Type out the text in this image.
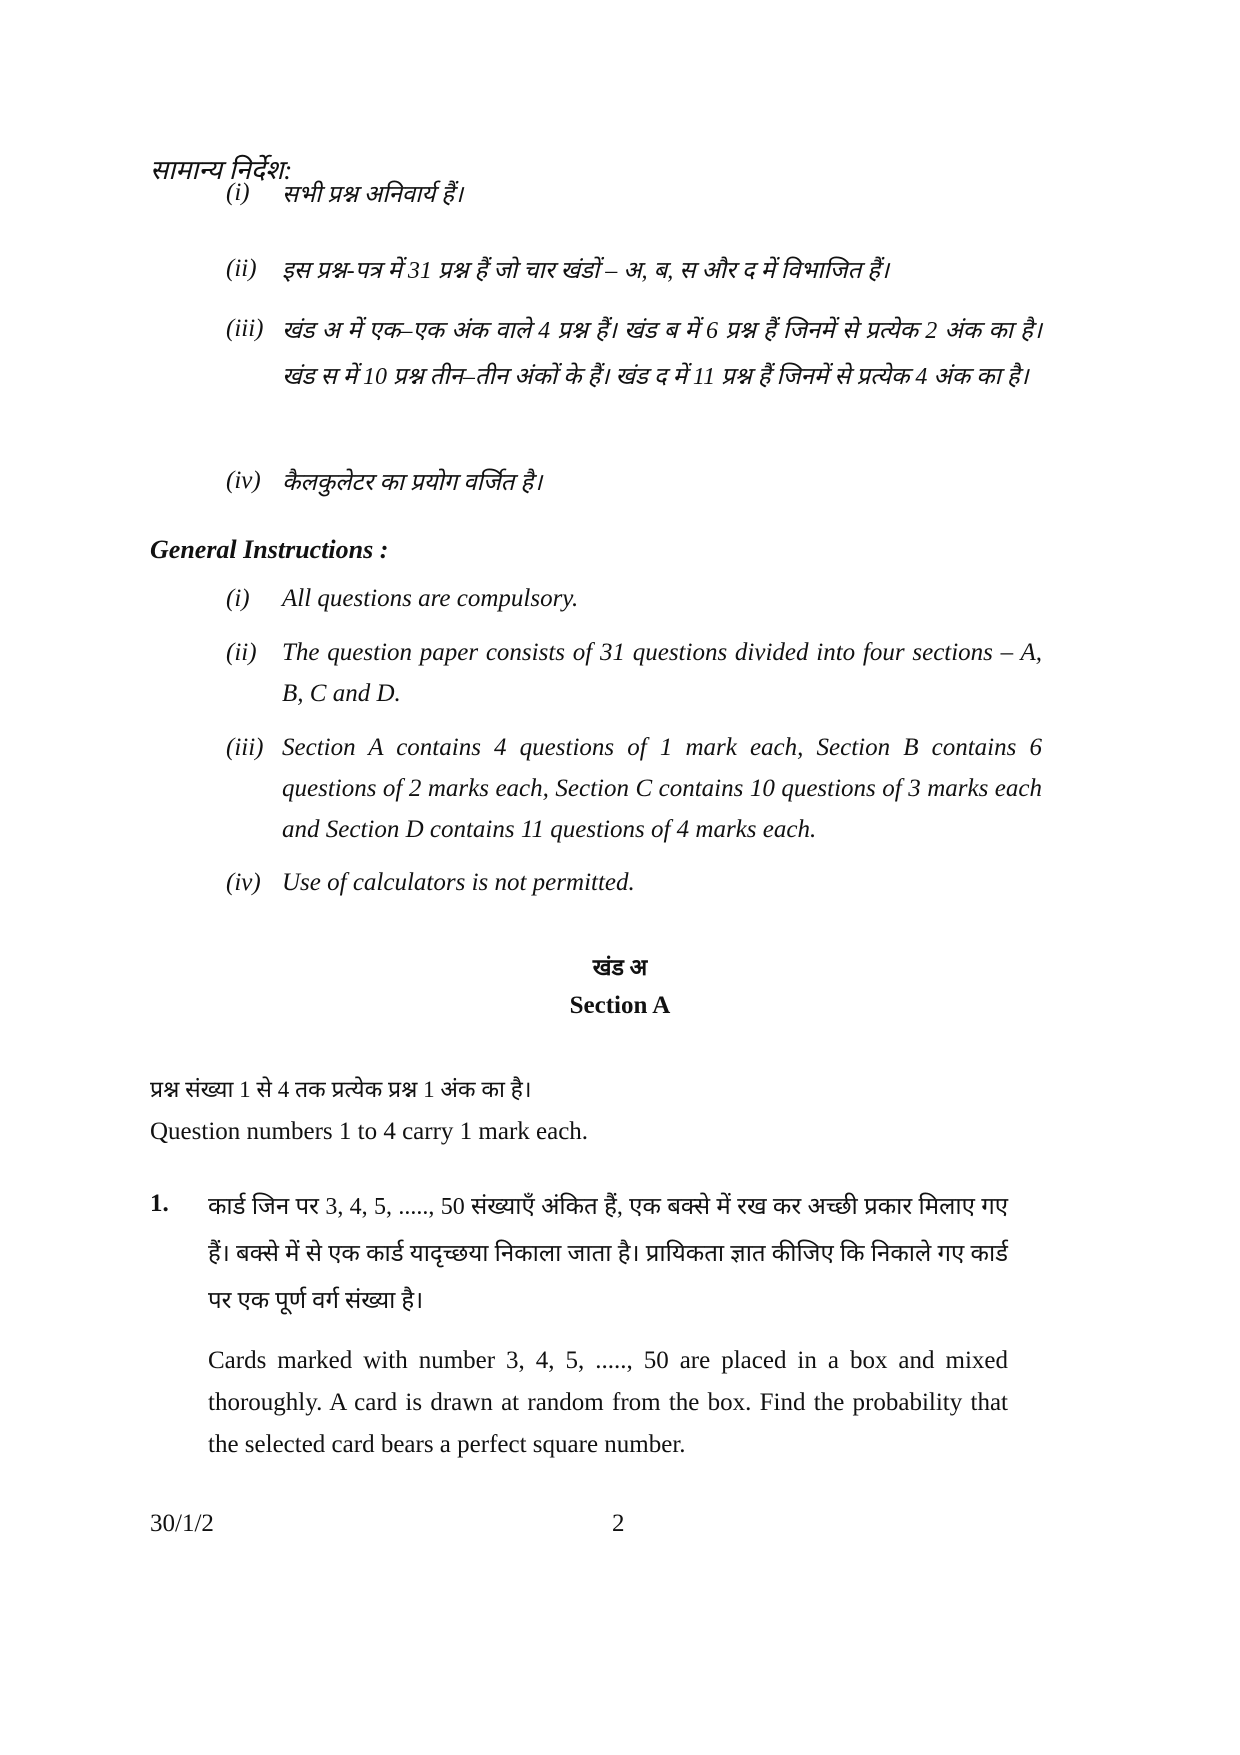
सामान्य निर्देश:
(i)	सभी प्रश्न अनिवार्य हैं।
(ii)	इस प्रश्न-पत्र में 31 प्रश्न हैं जो चार खंडों – अ, ब, स और द में विभाजित हैं।
(iii) खंड अ में एक–एक अंक वाले 4 प्रश्न हैं। खंड ब में 6 प्रश्न हैं जिनमें से प्रत्येक 2 अंक का है। खंड स में 10 प्रश्न तीन–तीन अंकों के हैं। खंड द में 11 प्रश्न हैं जिनमें से प्रत्येक 4 अंक का है।
(iv) कैलकुलेटर का प्रयोग वर्जित है।
General Instructions :
(i)	All questions are compulsory.
(ii)	The question paper consists of 31 questions divided into four sections – A, B, C and D.
(iii) Section A contains 4 questions of 1 mark each, Section B contains 6 questions of 2 marks each, Section C contains 10 questions of 3 marks each and Section D contains 11 questions of 4 marks each.
(iv) Use of calculators is not permitted.
खंड अ
Section A
प्रश्न संख्या 1 से 4 तक प्रत्येक प्रश्न 1 अंक का है।
Question numbers 1 to 4 carry 1 mark each.
1. कार्ड जिन पर 3, 4, 5, ....., 50 संख्याएँ अंकित हैं, एक बक्से में रख कर अच्छी प्रकार मिलाए गए हैं। बक्से में से एक कार्ड यादृच्छया निकाला जाता है। प्रायिकता ज्ञात कीजिए कि निकाले गए कार्ड पर एक पूर्ण वर्ग संख्या है।
Cards marked with number 3, 4, 5, ....., 50 are placed in a box and mixed thoroughly. A card is drawn at random from the box. Find the probability that the selected card bears a perfect square number.
30/1/2	2
